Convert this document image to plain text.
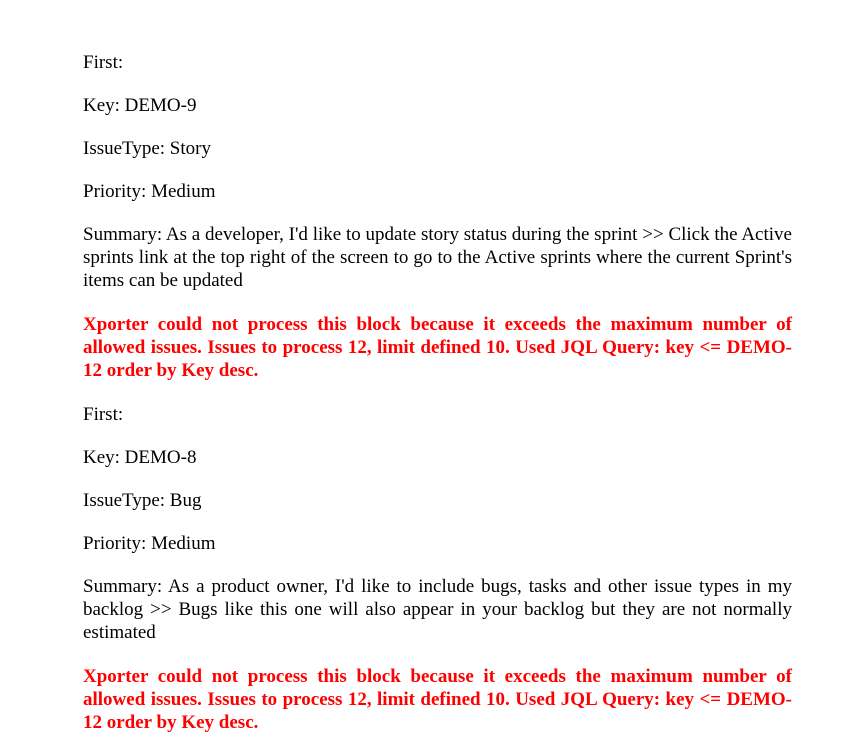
First:

Key: DEMO-9

IssueType: Story

Priority: Medium

Summary: As a developer, I'd like to update story status during the sprint >> Click the Active sprints link at the top right of the screen to go to the Active sprints where the current Sprint's items can be updated

Xporter could not process this block because it exceeds the maximum number of allowed issues. Issues to process 12, limit defined 10. Used JQL Query: key <= DEMO-12 order by Key desc.

First:

Key: DEMO-8

IssueType: Bug

Priority: Medium

Summary: As a product owner, I'd like to include bugs, tasks and other issue types in my backlog >> Bugs like this one will also appear in your backlog but they are not normally estimated

Xporter could not process this block because it exceeds the maximum number of allowed issues. Issues to process 12, limit defined 10. Used JQL Query: key <= DEMO-12 order by Key desc.
